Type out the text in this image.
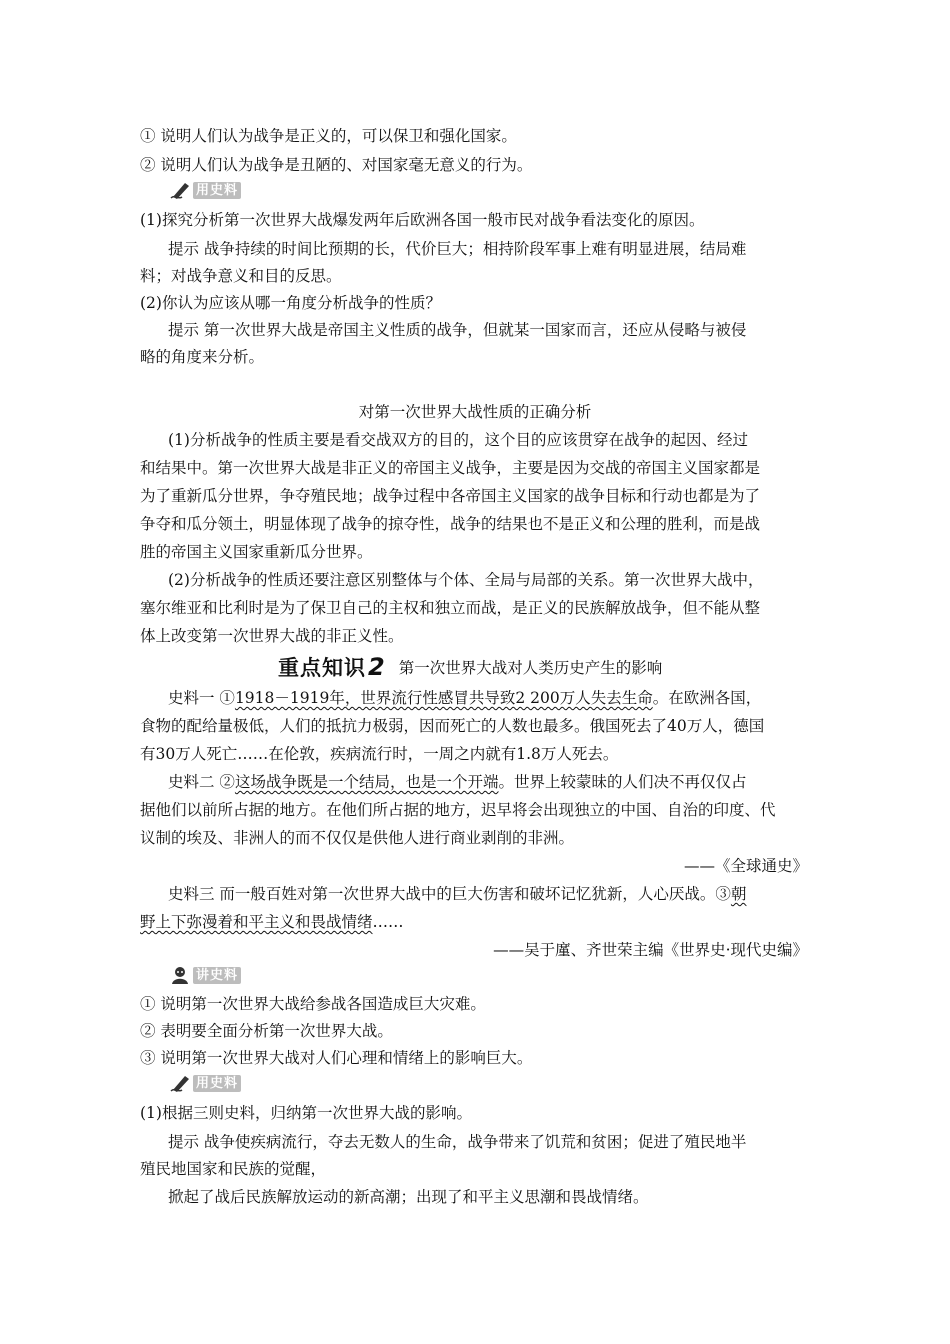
① 说明人们认为战争是正义的，可以保卫和强化国家。
② 说明人们认为战争是丑陋的、对国家毫无意义的行为。
用史料
(1)探究分析第一次世界大战爆发两年后欧洲各国一般市民对战争看法变化的原因。
提示 战争持续的时间比预期的长，代价巨大；相持阶段军事上难有明显进展，结局难
料；对战争意义和目的反思。
(2)你认为应该从哪一角度分析战争的性质？
提示 第一次世界大战是帝国主义性质的战争，但就某一国家而言，还应从侵略与被侵
略的角度来分析。
对第一次世界大战性质的正确分析
(1)分析战争的性质主要是看交战双方的目的，这个目的应该贯穿在战争的起因、经过
和结果中。第一次世界大战是非正义的帝国主义战争，主要是因为交战的帝国主义国家都是
为了重新瓜分世界，争夺殖民地；战争过程中各帝国主义国家的战争目标和行动也都是为了
争夺和瓜分领土，明显体现了战争的掠夺性，战争的结果也不是正义和公理的胜利，而是战
胜的帝国主义国家重新瓜分世界。
(2)分析战争的性质还要注意区别整体与个体、全局与局部的关系。第一次世界大战中，
塞尔维亚和比利时是为了保卫自己的主权和独立而战，是正义的民族解放战争，但不能从整
体上改变第一次世界大战的非正义性。
重点知识 2 第一次世界大战对人类历史产生的影响
史料一 ①1918－1919年，世界流行性感冒共导致2 200万人失去生命。在欧洲各国，
食物的配给量极低，人们的抵抗力极弱，因而死亡的人数也最多。俄国死去了40万人，德国
有30万人死亡……在伦敦，疾病流行时，一周之内就有1.8万人死去。
史料二 ②这场战争既是一个结局，也是一个开端。世界上较蒙昧的人们决不再仅仅占
据他们以前所占据的地方。在他们所占据的地方，迟早将会出现独立的中国、自治的印度、代
议制的埃及、非洲人的而不仅仅是供他人进行商业剥削的非洲。
——《全球通史》
史料三 而一般百姓对第一次世界大战中的巨大伤害和破坏记忆犹新，人心厌战。③朝
野上下弥漫着和平主义和畏战情绪……
——吴于廑、齐世荣主编《世界史·现代史编》
讲史料
① 说明第一次世界大战给参战各国造成巨大灾难。
② 表明要全面分析第一次世界大战。
③ 说明第一次世界大战对人们心理和情绪上的影响巨大。
用史料
(1)根据三则史料，归纳第一次世界大战的影响。
提示 战争使疾病流行，夺去无数人的生命，战争带来了饥荒和贫困；促进了殖民地半
殖民地国家和民族的觉醒，
掀起了战后民族解放运动的新高潮；出现了和平主义思潮和畏战情绪。
